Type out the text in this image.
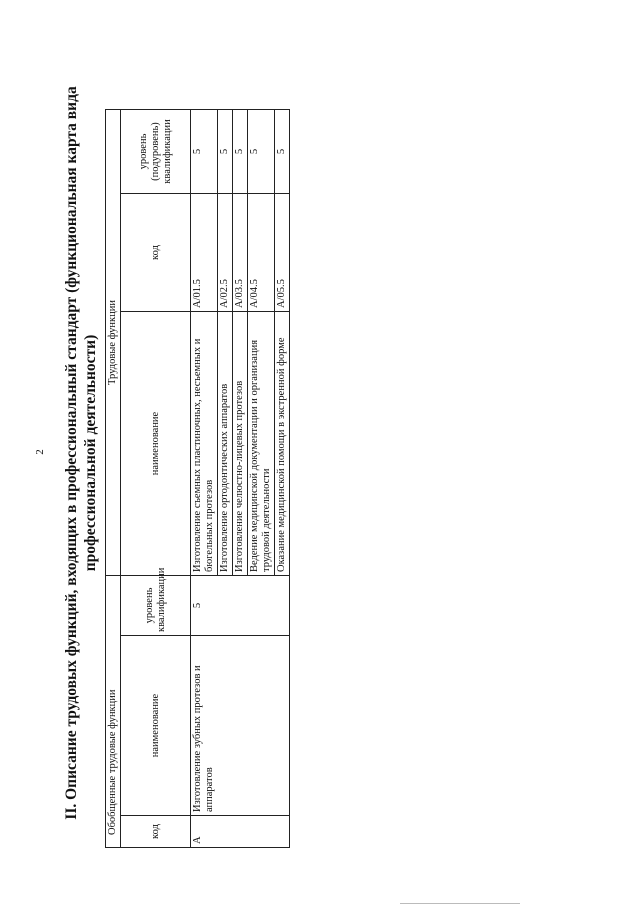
2 II. Описание трудовых функций, входящих в профессиональный стандарт (функциональная карта вида профессиональной деятельности)
Обобщенные трудовые функции			Трудовые функции		
код	наименование	уровень квалификации	наименование	код	уровень (подуровень) квалификации
A	Изготовление зубных протезов и аппаратов	5	Изготовление съемных пластиночных, несъемных и бюгельных протезов	A/01.5	5
			Изготовление ортодонтических аппаратов	A/02.5	5
			Изготовление челюстно-лицевых протезов	A/03.5	5
			Ведение медицинской документации и организация трудовой деятельности	A/04.5	5
			Оказание медицинской помощи в экстренной форме	A/05.5	5
